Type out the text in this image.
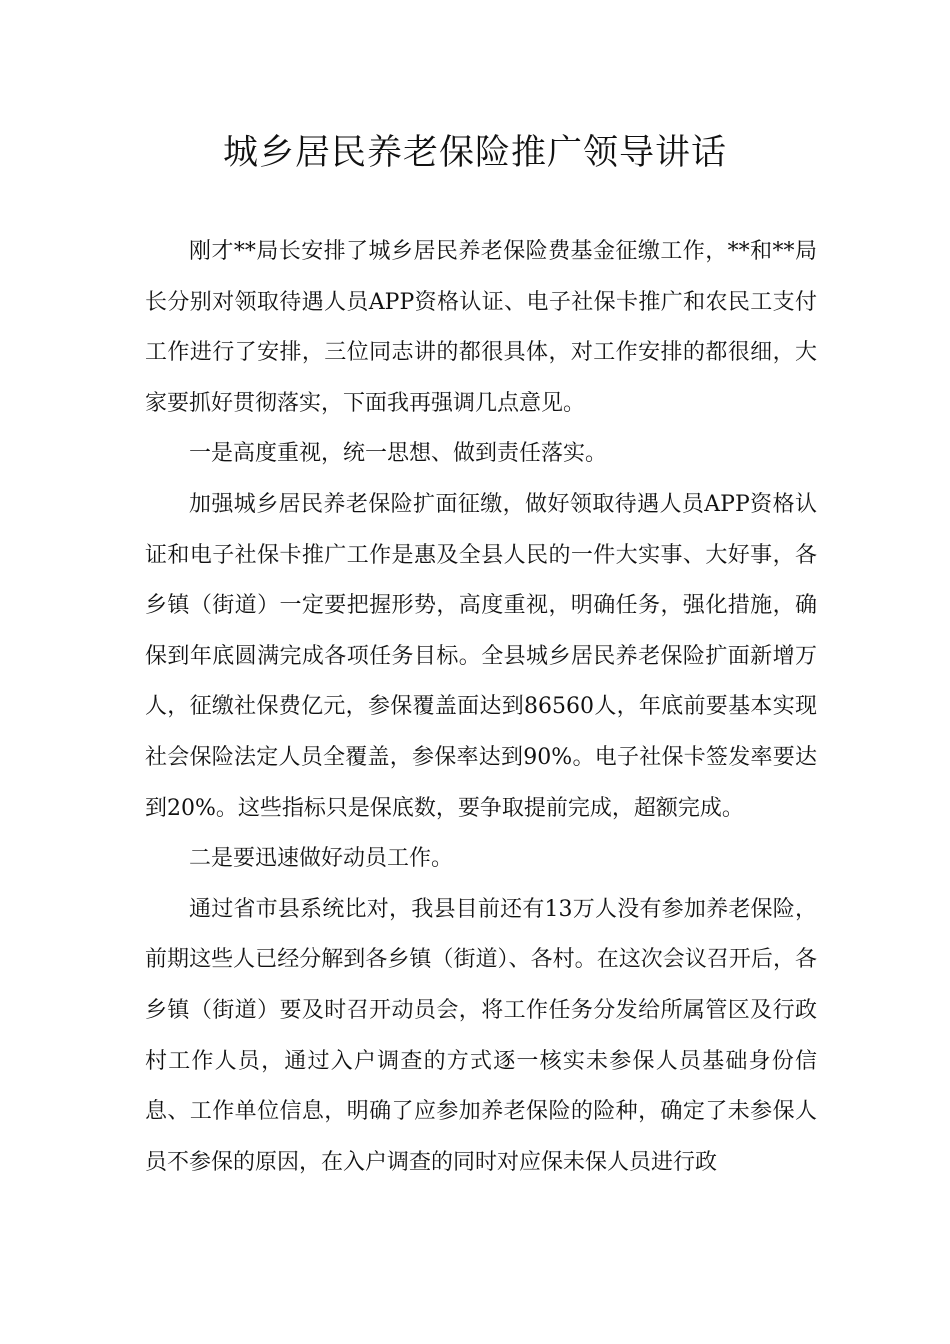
城乡居民养老保险推广领导讲话

刚才**局长安排了城乡居民养老保险费基金征缴工作，**和**局长分别对领取待遇人员APP资格认证、电子社保卡推广和农民工支付工作进行了安排，三位同志讲的都很具体，对工作安排的都很细，大家要抓好贯彻落实，下面我再强调几点意见。

一是高度重视，统一思想、做到责任落实。

加强城乡居民养老保险扩面征缴，做好领取待遇人员APP资格认证和电子社保卡推广工作是惠及全县人民的一件大实事、大好事，各乡镇（街道）一定要把握形势，高度重视，明确任务，强化措施，确保到年底圆满完成各项任务目标。全县城乡居民养老保险扩面新增万人，征缴社保费亿元，参保覆盖面达到86560人，年底前要基本实现社会保险法定人员全覆盖，参保率达到90%。电子社保卡签发率要达到20%。这些指标只是保底数，要争取提前完成，超额完成。

二是要迅速做好动员工作。

通过省市县系统比对，我县目前还有13万人没有参加养老保险，前期这些人已经分解到各乡镇（街道）、各村。在这次会议召开后，各乡镇（街道）要及时召开动员会，将工作任务分发给所属管区及行政村工作人员，通过入户调查的方式逐一核实未参保人员基础身份信息、工作单位信息，明确了应参加养老保险的险种，确定了未参保人员不参保的原因，在入户调查的同时对应保未保人员进行政
